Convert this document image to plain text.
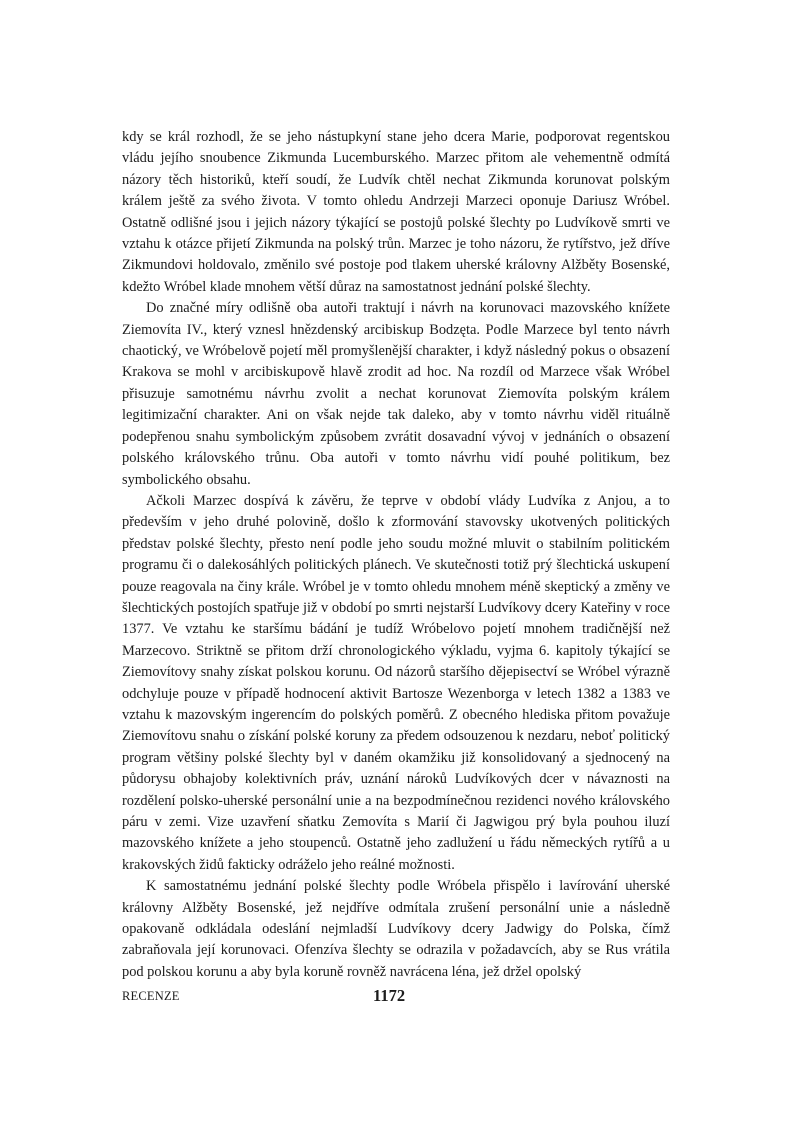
kdy se král rozhodl, že se jeho nástupkyní stane jeho dcera Marie, podporovat regentskou vládu jejího snoubence Zikmunda Lucemburského. Marzec přitom ale vehementně odmítá názory těch historiků, kteří soudí, že Ludvík chtěl nechat Zikmunda korunovat polským králem ještě za svého života. V tomto ohledu Andrzeji Marzeci oponuje Dariusz Wróbel. Ostatně odlišné jsou i jejich názory týkající se postojů polské šlechty po Ludvíkově smrti ve vztahu k otázce přijetí Zikmunda na polský trůn. Marzec je toho názoru, že rytířstvo, jež dříve Zikmundovi holdovalo, změnilo své postoje pod tlakem uherské královny Alžběty Bosenské, kdežto Wróbel klade mnohem větší důraz na samostatnost jednání polské šlechty.

Do značné míry odlišně oba autoři traktují i návrh na korunovaci mazovského knížete Ziemovíta IV., který vznesl hnězdenský arcibiskup Bodzęta. Podle Marzece byl tento návrh chaotický, ve Wróbelově pojetí měl promyšlenější charakter, i když následný pokus o obsazení Krakova se mohl v arcibiskupově hlavě zrodit ad hoc. Na rozdíl od Marzece však Wróbel přisuzuje samotnému návrhu zvolit a nechat korunovat Ziemovíta polským králem legitimizační charakter. Ani on však nejde tak daleko, aby v tomto návrhu viděl rituálně podepřenou snahu symbolickým způsobem zvrátit dosavadní vývoj v jednáních o obsazení polského královského trůnu. Oba autoři v tomto návrhu vidí pouhé politikum, bez symbolického obsahu.

Ačkoli Marzec dospívá k závěru, že teprve v období vlády Ludvíka z Anjou, a to především v jeho druhé polovině, došlo k zformování stavovsky ukotvených politických představ polské šlechty, přesto není podle jeho soudu možné mluvit o stabilním politickém programu či o dalekosáhlých politických plánech. Ve skutečnosti totiž prý šlechtická uskupení pouze reagovala na činy krále. Wróbel je v tomto ohledu mnohem méně skeptický a změny ve šlechtických postojích spatřuje již v období po smrti nejstarší Ludvíkovy dcery Kateřiny v roce 1377. Ve vztahu ke staršímu bádání je tudíž Wróbelovo pojetí mnohem tradičnější než Marzecovo. Striktně se přitom drží chronologického výkladu, vyjma 6. kapitoly týkající se Ziemovítovy snahy získat polskou korunu. Od názorů staršího dějepisectví se Wróbel výrazně odchyluje pouze v případě hodnocení aktivit Bartosze Wezenborga v letech 1382 a 1383 ve vztahu k mazovským ingerencím do polských poměrů. Z obecného hlediska přitom považuje Ziemovítovu snahu o získání polské koruny za předem odsouzenou k nezdaru, neboť politický program většiny polské šlechty byl v daném okamžiku již konsolidovaný a sjednocený na půdorysu obhajoby kolektivních práv, uznání nároků Ludvíkových dcer v návaznosti na rozdělení polsko-uherské personální unie a na bezpodmínečnou rezidenci nového královského páru v zemi. Vize uzavření sňatku Zemovíta s Marií či Jagwigou prý byla pouhou iluzí mazovského knížete a jeho stoupenců. Ostatně jeho zadlužení u řádu německých rytířů a u krakovských židů fakticky odráželo jeho reálné možnosti.

K samostatnému jednání polské šlechty podle Wróbela přispělo i lavírování uherské královny Alžběty Bosenské, jež nejdříve odmítala zrušení personální unie a následně opakovaně odkládala odeslání nejmladší Ludvíkovy dcery Jadwigy do Polska, čímž zabraňovala její korunovaci. Ofenzíva šlechty se odrazila v požadavcích, aby se Rus vrátila pod polskou korunu a aby byla koruně rovněž navrácena léna, jež držel opolský

RECENZE	1172
